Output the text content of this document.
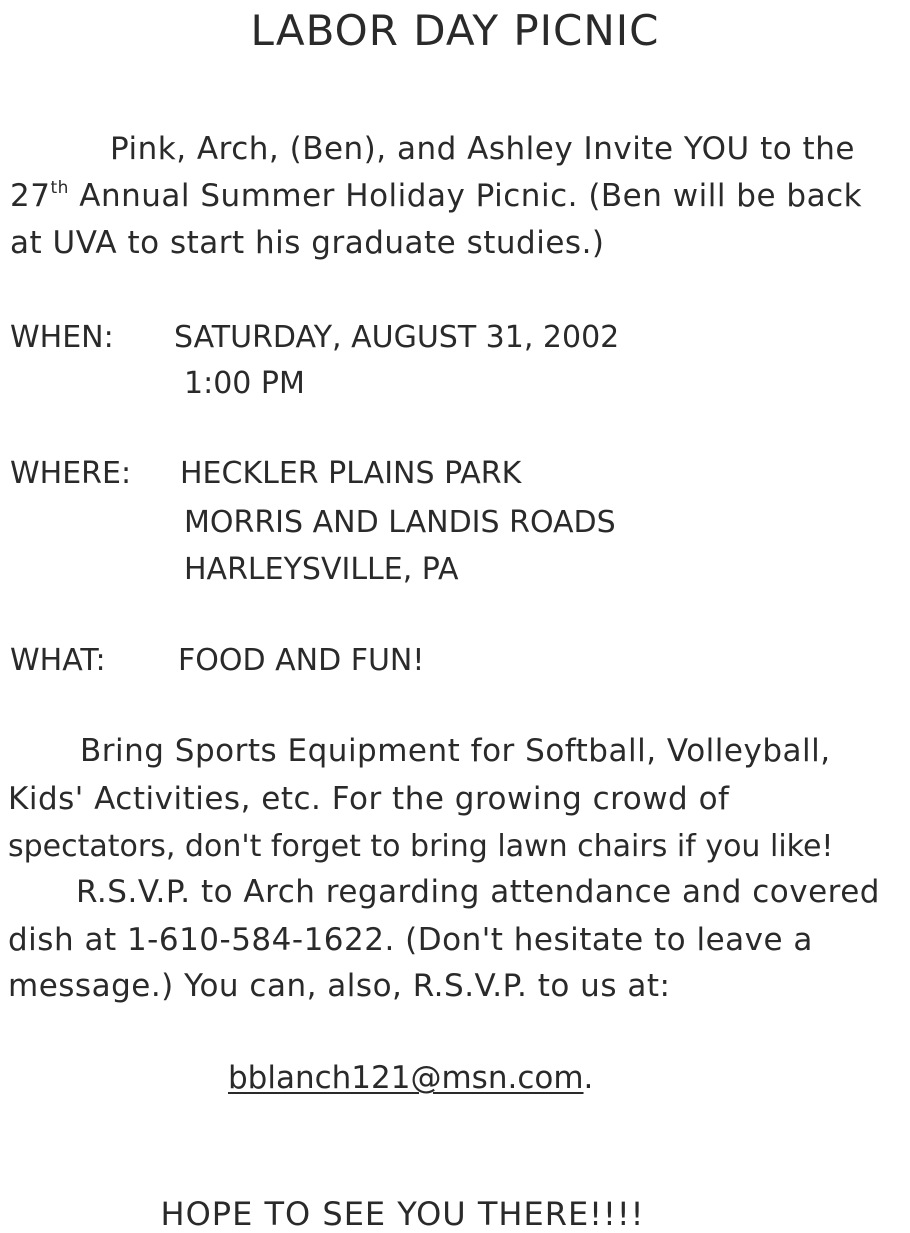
LABOR DAY PICNIC
Pink, Arch, (Ben), and Ashley Invite YOU to the
27th Annual Summer Holiday Picnic. (Ben will be back
at UVA to start his graduate studies.)
WHEN: SATURDAY, AUGUST 31, 2002
1:00 PM
WHERE: HECKLER PLAINS PARK
MORRIS AND LANDIS ROADS
HARLEYSVILLE, PA
WHAT: FOOD AND FUN!
Bring Sports Equipment for Softball, Volleyball,
Kids' Activities, etc. For the growing crowd of
spectators, don't forget to bring lawn chairs if you like!
R.S.V.P. to Arch regarding attendance and covered
dish at 1-610-584-1622. (Don't hesitate to leave a
message.) You can, also, R.S.V.P. to us at:
bblanch121@msn.com.
HOPE TO SEE YOU THERE!!!!
